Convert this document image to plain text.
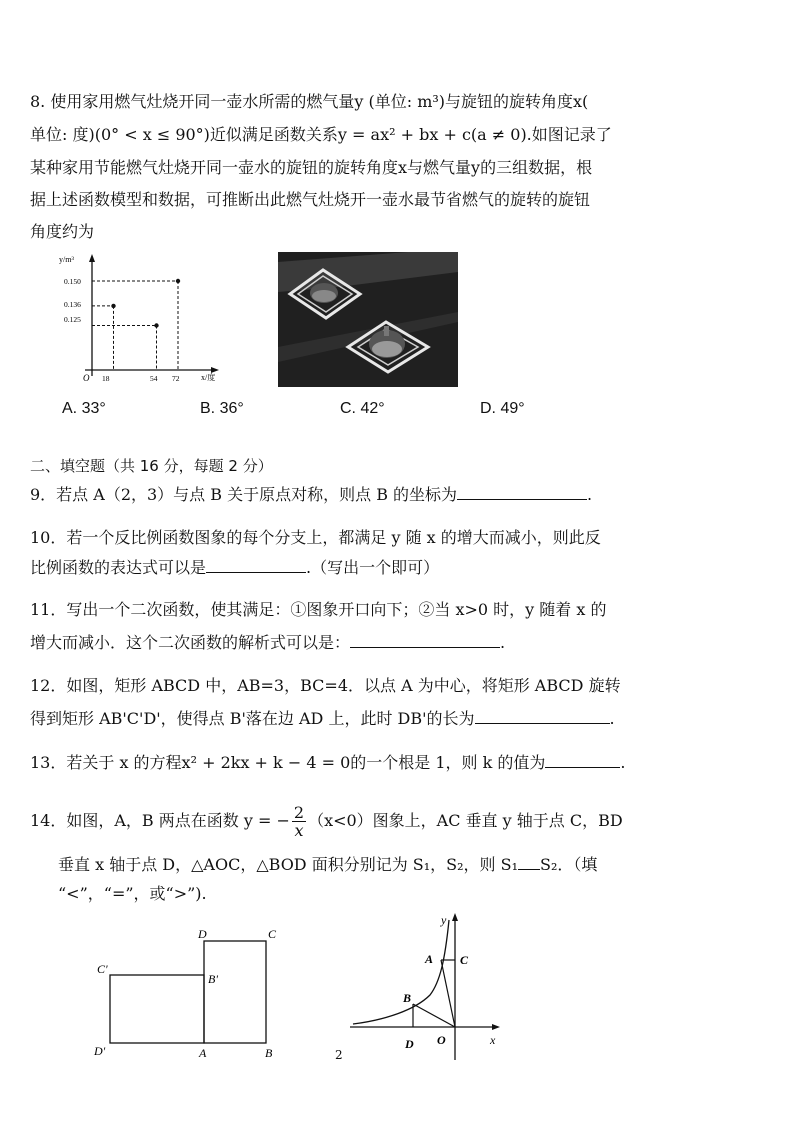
8. 使用家用燃气灶烧开同一壶水所需的燃气量y (单位: m³)与旋钮的旋转角度x(
单位: 度)(0° < x ≤ 90°)近似满足函数关系y = ax² + bx + c(a ≠ 0).如图记录了
某种家用节能燃气灶烧开同一壶水的旋钮的旋转角度x与燃气量y的三组数据，根
据上述函数模型和数据，可推断出此燃气灶烧开一壶水最节省燃气的旋转的旋钮
角度约为
y/m³
x/度
O
0.150
0.136
0.125
18	54 72
A. 33°	B. 36°	C. 42°	D. 49°
二、填空题（共 16 分，每题 2 分）
9．若点 A（2，3）与点 B 关于原点对称，则点 B 的坐标为	.
10．若一个反比例函数图象的每个分支上，都满足 y 随 x 的增大而减小，则此反
比例函数的表达式可以是	.（写出一个即可）
11．写出一个二次函数，使其满足：①图象开口向下；②当 x>0 时，y 随着 x 的
增大而减小．这个二次函数的解析式可以是：	.
12．如图，矩形 ABCD 中，AB=3，BC=4．以点 A 为中心，将矩形 ABCD 旋转
得到矩形 AB'C'D'，使得点 B'落在边 AD 上，此时 DB'的长为	.
13．若关于 x 的方程x² + 2kx + k − 4 = 0的一个根是 1，则 k 的值为	.
14．如图，A，B 两点在函数 y = − $\frac{2}{x} (x<0)$图象上，AC 垂直 y 轴于点 C，BD
垂直 x 轴于点 D，△AOC，△BOD 面积分别记为 S₁，S₂，则 S₁ S₂．（填
“<”，“=”，或“>”).
D	C
C'
B'
D'	A	B
y
A C
B
D O	x
2
